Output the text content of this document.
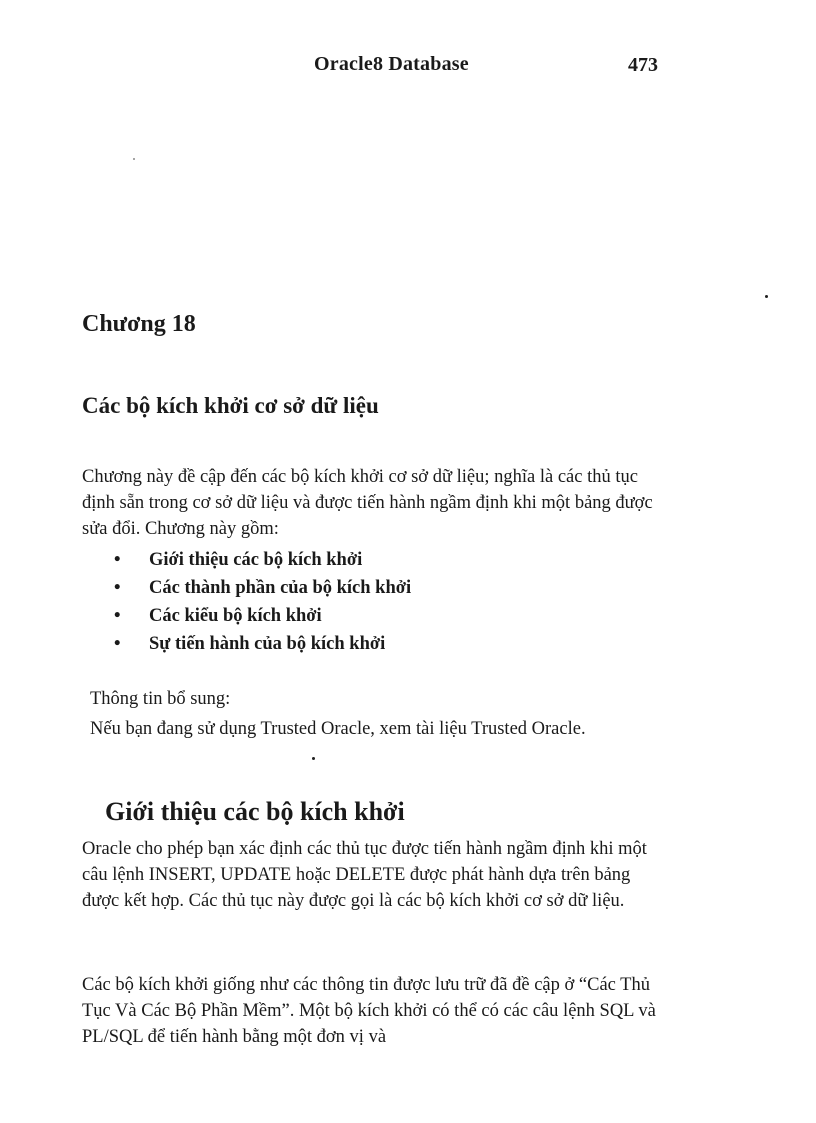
Oracle8 Database	473
Chương 18
Các bộ kích khởi cơ sở dữ liệu

Chương này đề cập đến các bộ kích khởi cơ sở dữ liệu; nghĩa là các thủ tục định sẵn trong cơ sở dữ liệu và được tiến hành ngầm định khi một bảng được sửa đổi. Chương này gồm:

• Giới thiệu các bộ kích khởi
• Các thành phần của bộ kích khởi
• Các kiểu bộ kích khởi
• Sự tiến hành của bộ kích khởi
Thông tin bổ sung:
Nếu bạn đang sử dụng Trusted Oracle, xem tài liệu Trusted Oracle.
Giới thiệu các bộ kích khởi

Oracle cho phép bạn xác định các thủ tục được tiến hành ngầm định khi một câu lệnh INSERT, UPDATE hoặc DELETE được phát hành dựa trên bảng được kết hợp. Các thủ tục này được gọi là các bộ kích khởi cơ sở dữ liệu.

Các bộ kích khởi giống như các thông tin được lưu trữ đã đề cập ở “Các Thủ Tục Và Các Bộ Phần Mềm”. Một bộ kích khởi có thể có các câu lệnh SQL và PL/SQL để tiến hành bằng một đơn vị và
